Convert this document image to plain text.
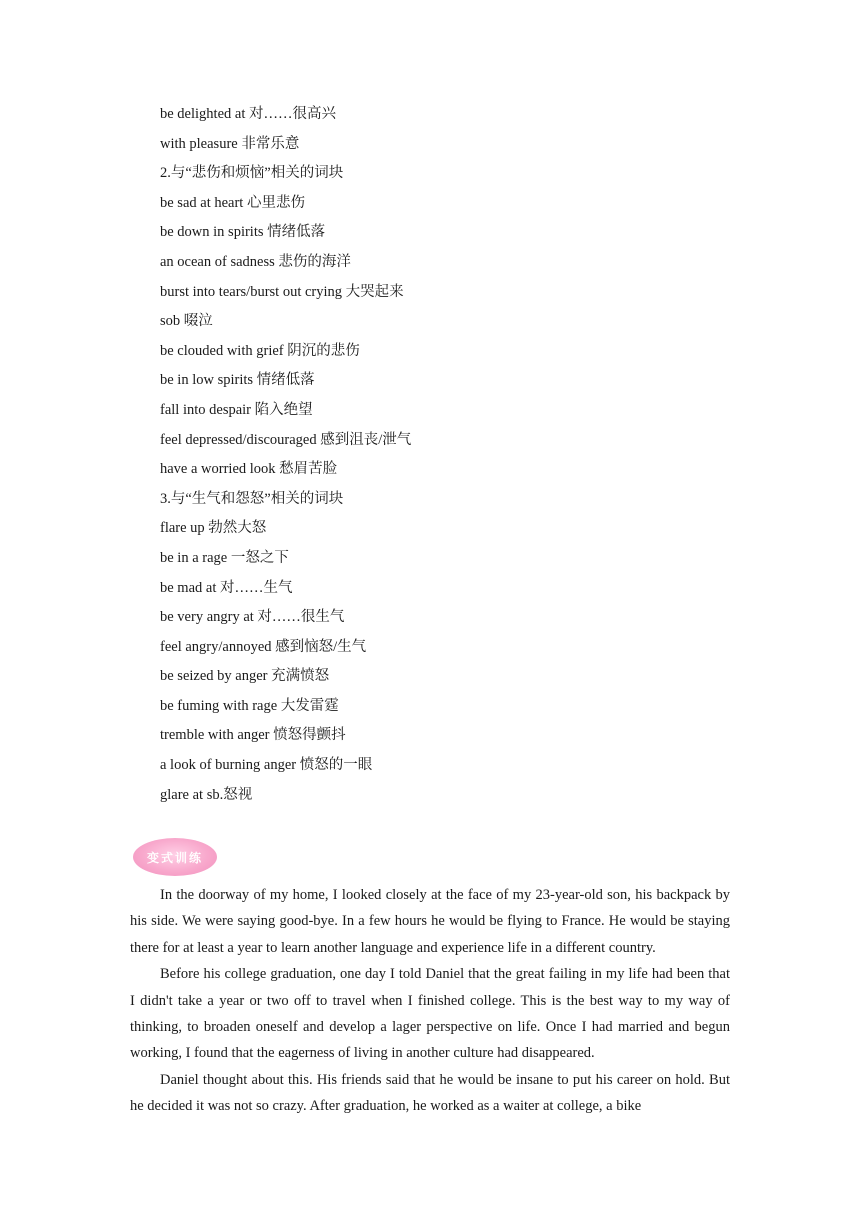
be delighted at 对……很高兴
with pleasure 非常乐意
2.与“悲伤和烦恼”相关的词块
be sad at heart 心里悲伤
be down in spirits 情绪低落
an ocean of sadness 悲伤的海洋
burst into tears/burst out crying 大哭起来
sob 啜泣
be clouded with grief 阴沉的悲伤
be in low spirits 情绪低落
fall into despair 陷入绝望
feel depressed/discouraged 感到沮丧/泄气
have a worried look 愁眉苦脸
3.与“生气和怨怒”相关的词块
flare up 勃然大怒
be in a rage 一怒之下
be mad at 对……生气
be very angry at 对……很生气
feel angry/annoyed 感到恼怒/生气
be seized by anger 充满愤怒
be fuming with rage 大发雷霆
tremble with anger 愤怒得颤抖
a look of burning anger 愤怒的一眼
glare at sb.怒视
变式训练

In the doorway of my home, I looked closely at the face of my 23-year-old son, his backpack by his side. We were saying good-bye. In a few hours he would be flying to France. He would be staying there for at least a year to learn another language and experience life in a different country.

Before his college graduation, one day I told Daniel that the great failing in my life had been that I didn't take a year or two off to travel when I finished college. This is the best way to my way of thinking, to broaden oneself and develop a lager perspective on life. Once I had married and begun working, I found that the eagerness of living in another culture had disappeared.

Daniel thought about this. His friends said that he would be insane to put his career on hold. But he decided it was not so crazy. After graduation, he worked as a waiter at college, a bike
